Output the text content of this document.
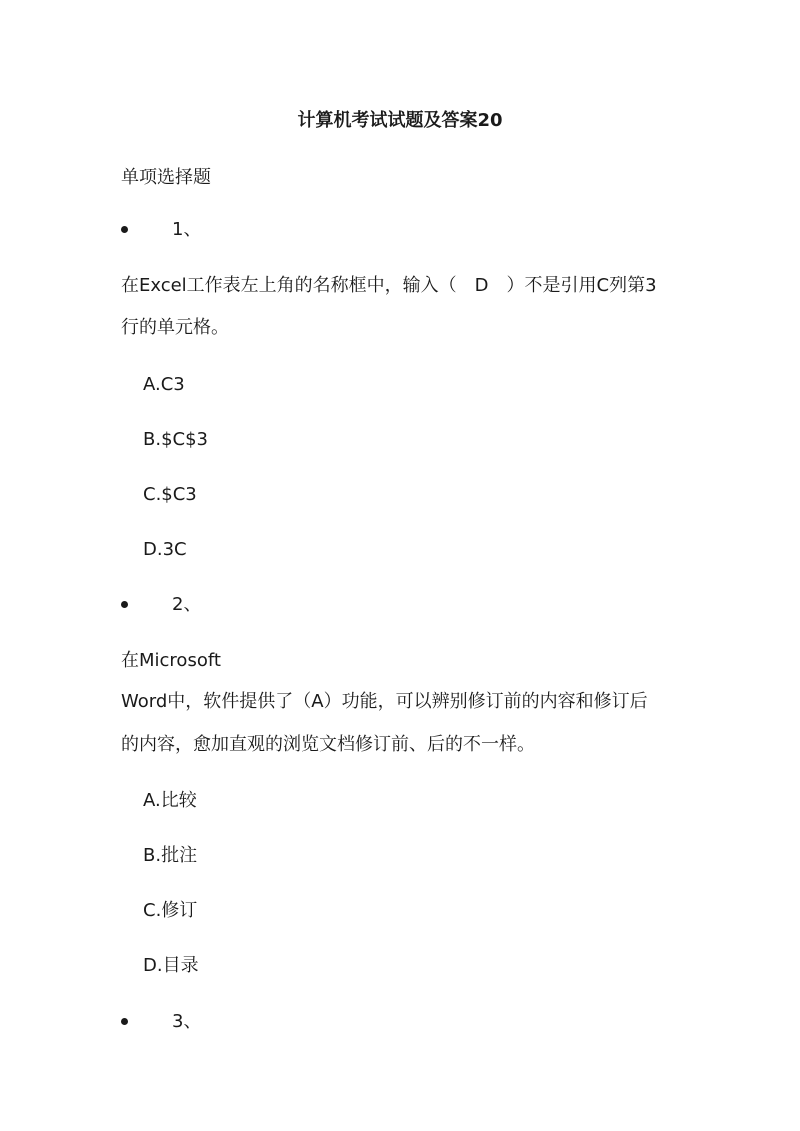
计算机考试试题及答案20
单项选择题
1、
在Excel工作表左上角的名称框中，输入（　D　）不是引用C列第3
行的单元格。
A.C3
B.$C$3
C.$C3
D.3C
2、
在Microsoft
Word中，软件提供了（A）功能，可以辨别修订前的内容和修订后
的内容，愈加直观的浏览文档修订前、后的不一样。
A.比较
B.批注
C.修订
D.目录
3、
